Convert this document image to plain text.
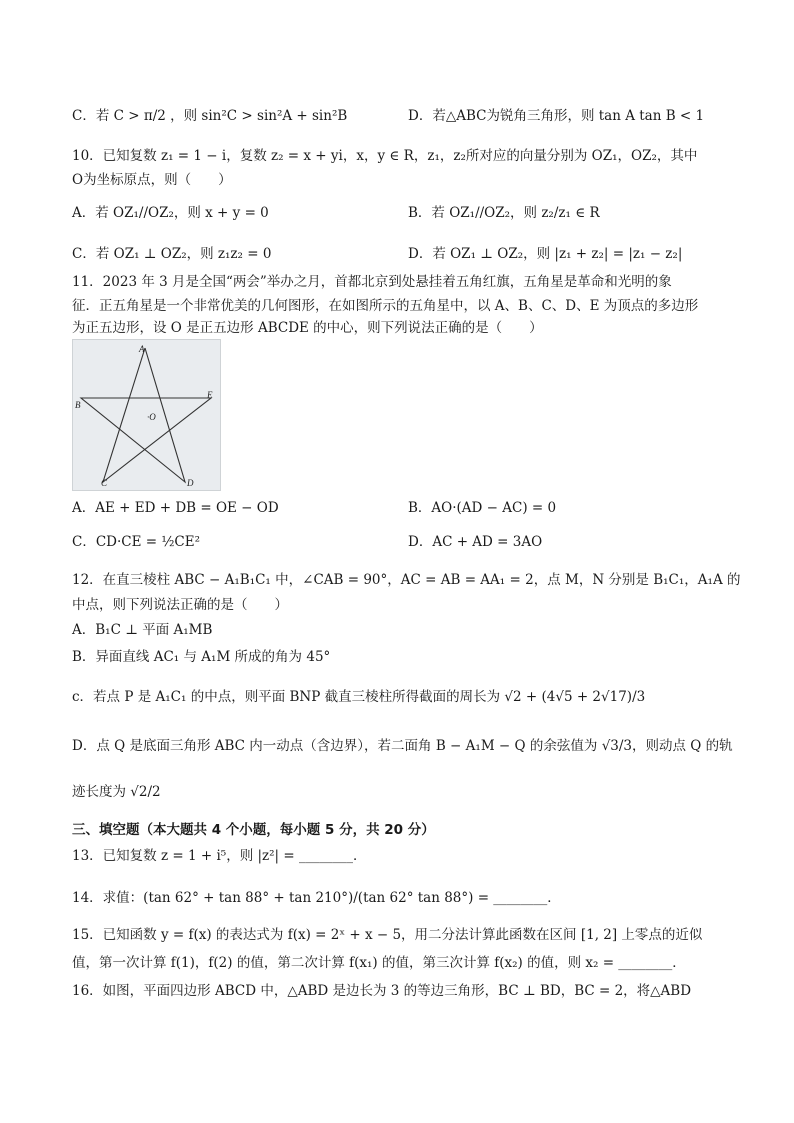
C．若 C > π/2 ，则 sin²C > sin²A + sin²B	D．若△ABC为锐角三角形，则 tan A tan B < 1
10．已知复数 z₁ = 1 − i，复数 z₂ = x + yi，x，y ∈ R，z₁，z₂所对应的向量分别为 OZ₁，OZ₂，其中
O为坐标原点，则（　　）
A．若 OZ₁//OZ₂，则 x + y = 0	B．若 OZ₁//OZ₂，则 z₂/z₁ ∈ R
C．若 OZ₁ ⊥ OZ₂，则 z₁z₂ = 0	D．若 OZ₁ ⊥ OZ₂，则 |z₁ + z₂| = |z₁ − z₂|
11．2023 年 3 月是全国“两会”举办之月，首都北京到处悬挂着五角红旗，五角星是革命和光明的象
征．正五角星是一个非常优美的几何图形，在如图所示的五角星中，以 A、B、C、D、E 为顶点的多边形
为正五边形，设 O 是正五边形 ABCDE 的中心，则下列说法正确的是（　　）
A
B
E
C	D
·O
A．AE + ED + DB = OE − OD	B．AO·(AD − AC) = 0
C．CD·CE = ½CE²	D．AC + AD = 3AO
12．在直三棱柱 ABC − A₁B₁C₁ 中，∠CAB = 90°，AC = AB = AA₁ = 2，点 M，N 分别是 B₁C₁，A₁A 的
中点，则下列说法正确的是（　　）
A．B₁C ⊥ 平面 A₁MB
B．异面直线 AC₁ 与 A₁M 所成的角为 45°
c．若点 P 是 A₁C₁ 的中点，则平面 BNP 截直三棱柱所得截面的周长为 √2 + (4√5 + 2√17)/3
D．点 Q 是底面三角形 ABC 内一动点（含边界），若二面角 B − A₁M − Q 的余弦值为 √3/3，则动点 Q 的轨
迹长度为 √2/2
三、填空题（本大题共 4 个小题，每小题 5 分，共 20 分）
13．已知复数 z = 1 + i⁵，则 |z²| = ________．
14．求值：(tan 62° + tan 88° + tan 210°)/(tan 62° tan 88°) = ________．
15．已知函数 y = f(x) 的表达式为 f(x) = 2ˣ + x − 5，用二分法计算此函数在区间 [1, 2] 上零点的近似
值，第一次计算 f(1)，f(2) 的值，第二次计算 f(x₁) 的值，第三次计算 f(x₂) 的值，则 x₂ = ________．
16．如图，平面四边形 ABCD 中，△ABD 是边长为 3 的等边三角形，BC ⊥ BD，BC = 2，将△ABD
